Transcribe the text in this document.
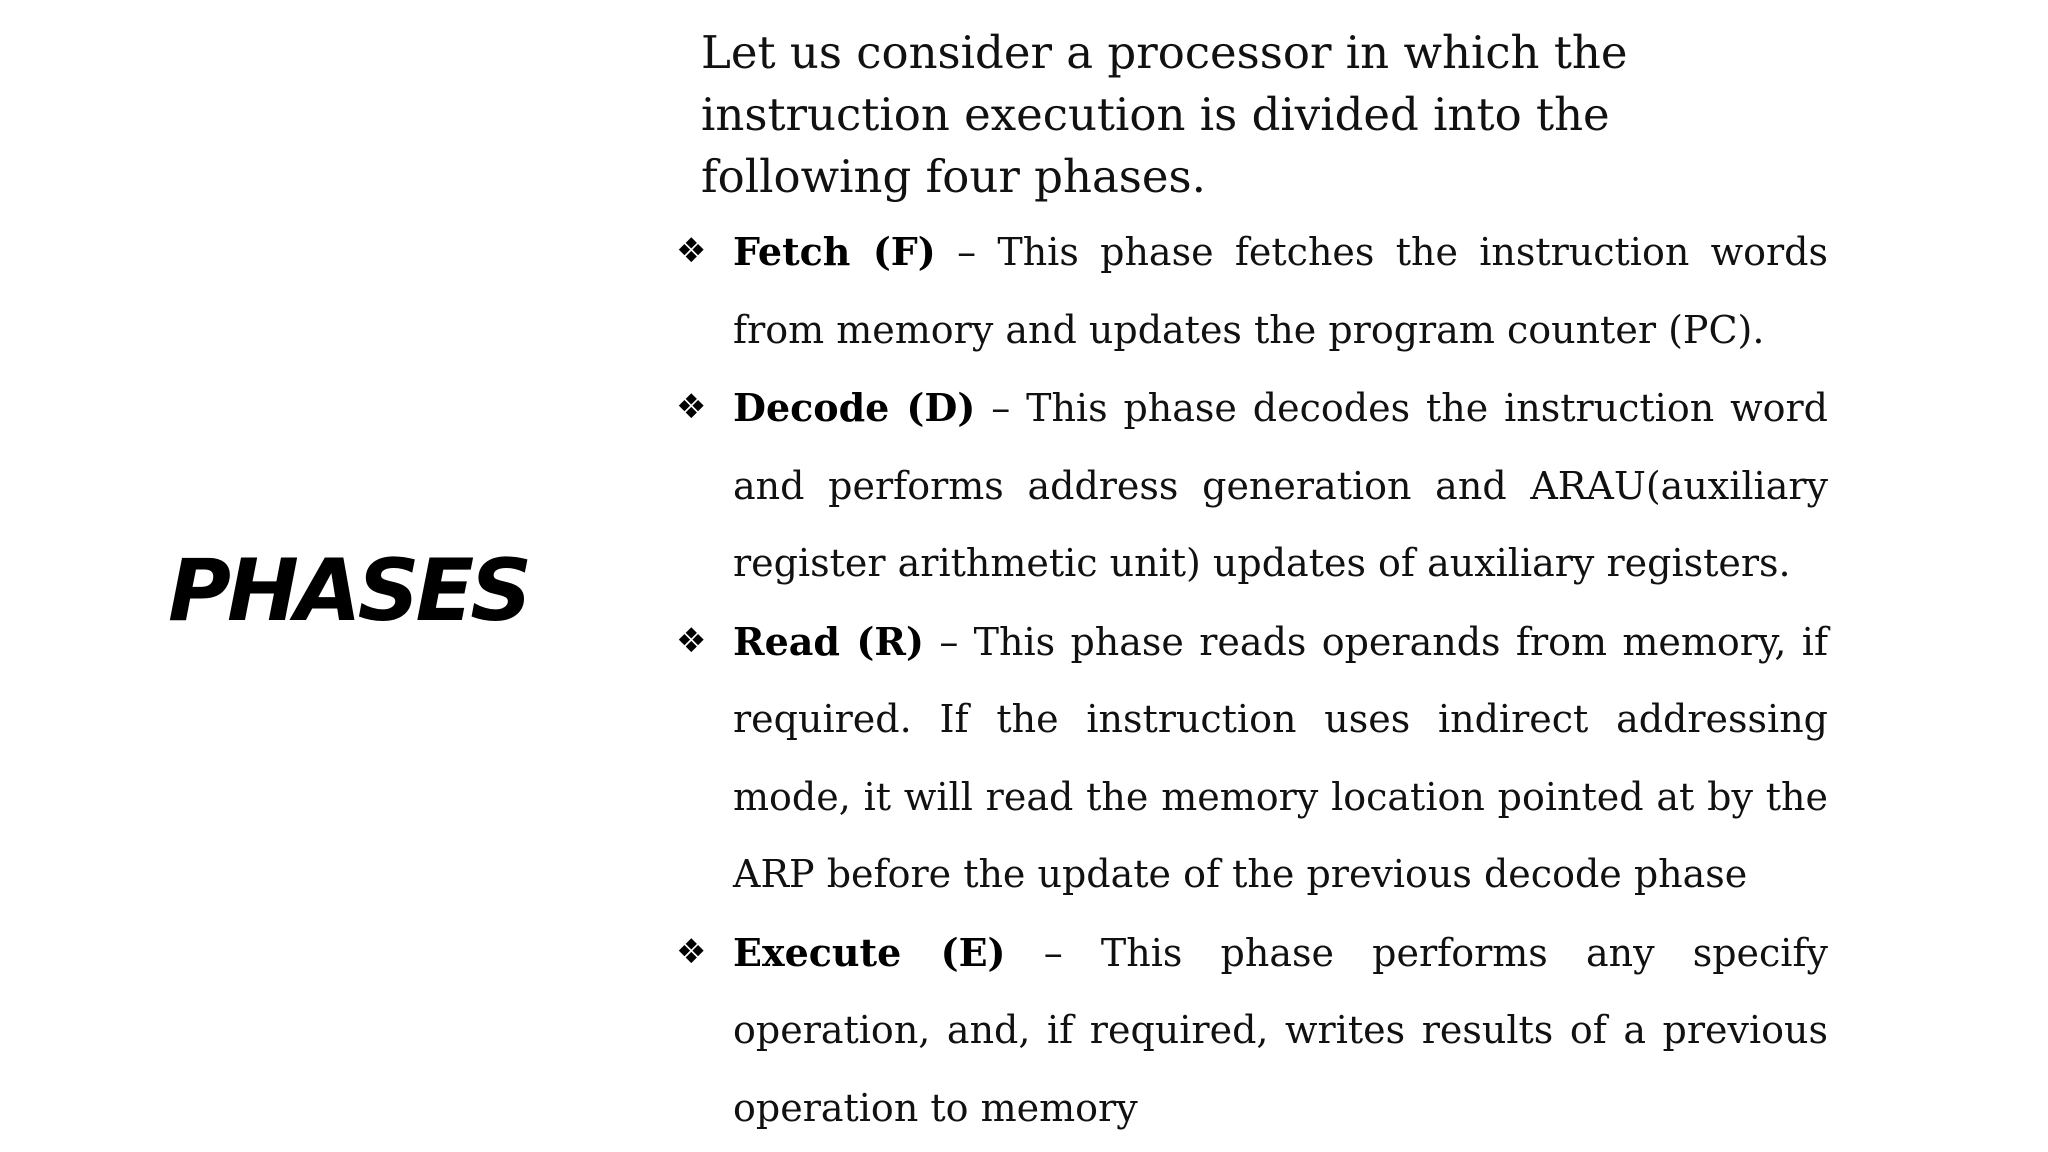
PHASES

Let us consider a processor in which the instruction execution is divided into the following four phases.

❖ Fetch (F) – This phase fetches the instruction words from memory and updates the program counter (PC).
❖ Decode (D) – This phase decodes the instruction word and performs address generation and ARAU(auxiliary register arithmetic unit) updates of auxiliary registers.
❖ Read (R) – This phase reads operands from memory, if required. If the instruction uses indirect addressing mode, it will read the memory location pointed at by the ARP before the update of the previous decode phase
❖ Execute (E) – This phase performs any specify operation, and, if required, writes results of a previous operation to memory
